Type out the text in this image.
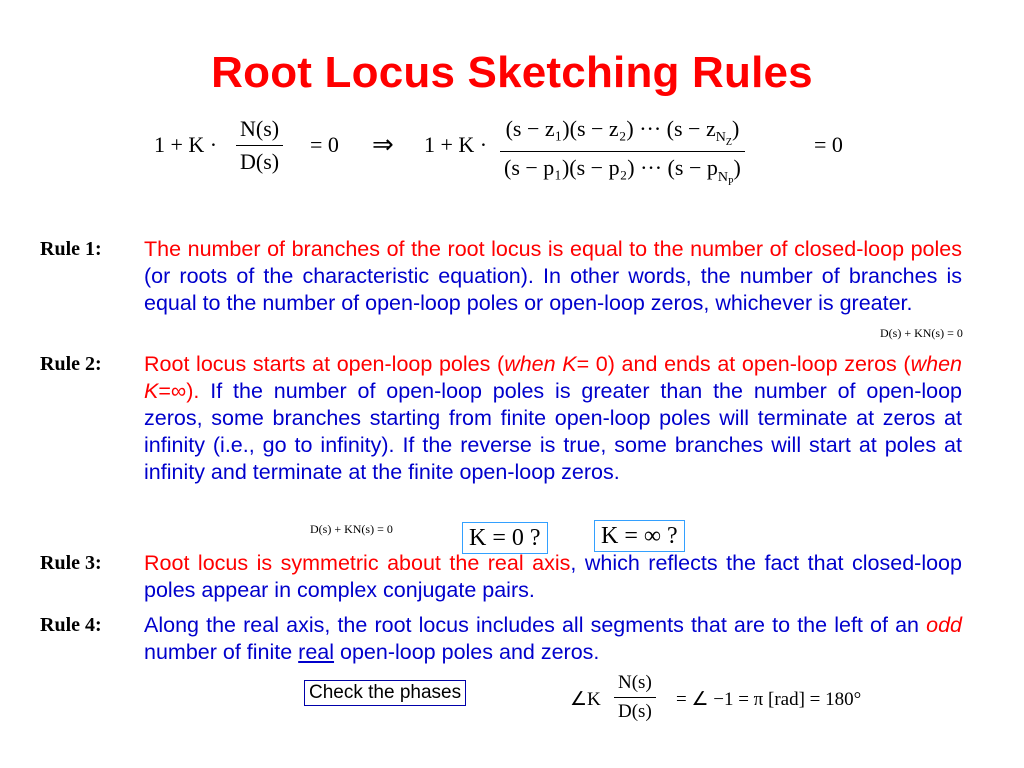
Root Locus Sketching Rules
$1 + K \cdot \frac{N(s)}{D(s)} = 0$ ⇒ 1 + K ·
(s − z₁)(s − z₂) ··· $(s - z_{N_Z})$
(s − p₁)(s − p₂) ··· $(s - p_{N_P})$
= 0
Rule 1: The number of branches of the root locus is equal to the number of closed-loop poles (or roots of the characteristic equation). In other words, the number of branches is equal to the number of open-loop poles or open-loop zeros, whichever is greater.
D(s) + KN(s) = 0
Rule 2: Root locus starts at open-loop poles (when K= 0) and ends at open-loop zeros (when K=∞). If the number of open-loop poles is greater than the number of open-loop zeros, some branches starting from finite open-loop poles will terminate at zeros at infinity (i.e., go to infinity). If the reverse is true, some branches will start at poles at infinity and terminate at the finite open-loop zeros.
D(s) + KN(s) = 0	K = 0 ?	K = ∞ ?
Rule 3: Root locus is symmetric about the real axis, which reflects the fact that closed-loop poles appear in complex conjugate pairs.
Rule 4: Along the real axis, the root locus includes all segments that are to the left of an odd number of finite real open-loop poles and zeros.
Check the phases	∠K $\frac{N(s)}{D(s)}$ = ∠ −1 = π [rad] = 180°
